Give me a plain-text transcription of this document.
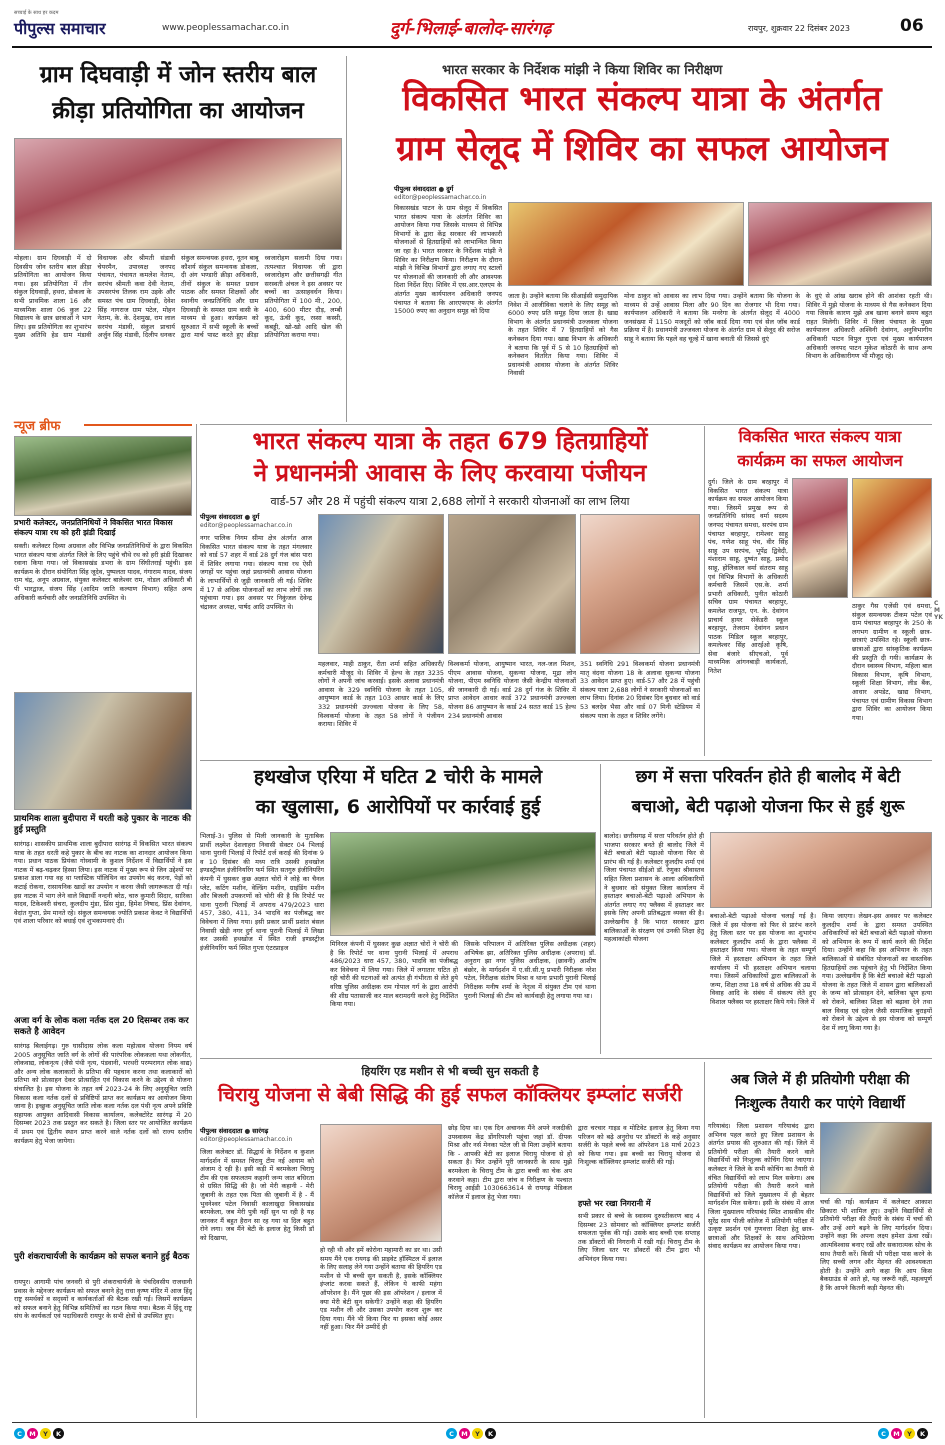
सच्चाई के साथ हर कदम
पीपुल्स समाचार	www.peoplessamachar.co.in	दुर्ग-भिलाई-बालोद-सारंगढ़	रायपुर, शुक्रवार 22 दिसंबर 2023	06
ग्राम दिघवाड़ी में जोन स्तरीय बाल
क्रीड़ा प्रतियोगिता का आयोजन
मोहला। ग्राम दिघवाड़ी में दो दिवसीय जोन स्तरीय बाल क्रीड़ा प्रतियोगिता का आयोजन किया गया। इस प्रतियोगिता में तीन संकुल दिघवाड़ी, हथरा, डोकला के सभी प्राथमिक शाला 16 और माध्यमिक शाला 06 कुल 22 विद्यालय के छात्र छात्राओं ने भाग लिए। इस प्रतियोगिता का शुभारंभ मुख्य अतिथि हेड ग्राम मंडावी विधायक और श्रीमती संडावी चेयरमैन, उपाध्यक्ष जनपद पंचायत, पंचायत कमलेश नेताम, सरपंच श्रीमती कवा देवी नेताम, उपसरपंच तिलक राम उइके और समस्त पंच ग्राम दिघवाड़ी, देवेश सिंह नागराज ग्राम पटेल, मोहन नेताम, के. के. देशमुख, राम लाल सरपंच मंडावी, संकुल प्राचार्य अर्जुन सिंह मंडावी, दिलीप धनकर संकुल समन्वयक हथरा, नूतन बाबू कौशर्य संकुल समन्वयक डोकला, दी अंग भण्डारी क्रीड़ा अधिकारी, तीनों संकुल के समस्त प्रधान पाठक और समस्त शिक्षकों और स्थानीय जनप्रतिनिधि और ग्राम दिघवाड़ी के समस्त ग्राम वासी के माध्यम से हुआ। कार्यक्रम को सुरुआत में सभी स्कूली के बच्चों द्वारा मार्च पास्ट करते हुए क्रीड़ा ध्वजारोहण सलामी दिया गया। तत्पश्चात विधायक जी द्वारा ध्वजारोहण और छत्तीसगढ़ी गीत सरस्वती अंचल ने इस अवसर पर बच्चों का उत्साहवर्धन किया। प्रतियोगिता में 100 मी., 200, 400, 600 मीटर दौड़, लम्बी कूद, ऊंची कूद, रस्सा कस्सी, कबड्डी, खो-खो आदि खेल की प्रतियोगिता कराया गया।
भारत सरकार के निर्देशक मांझी ने किया शिविर का निरीक्षण
विकसित भारत संकल्प यात्रा के अंतर्गत
ग्राम सेलूद में शिविर का सफल आयोजन
पीपुल्स संवाददाता ● दुर्ग
editor@peoplessamachar.co.in
विकासखंड पाटन के ग्राम सेलूद में विकसित भारत संकल्प यात्रा के अंतर्गत शिविर का आयोजन किया गया जिसके माध्यम से विभिन्न विभागों के द्वारा केंद्र सरकार की लाभकारी योजनाओं से हितग्राहियों को लाभान्वित किया जा रहा है। भारत सरकार के निर्देशक मांझी ने शिविर का निरीक्षण किया। निरीक्षण के दौरान मांझी ने विभिन्न विभागों द्वारा लगाए गए स्टालों पर योजनाओं की जानकारी ली और आवश्यक दिशा निर्देश दिए। शिविर में एस.आर.एलएम के अंतर्गत मुख्य कार्यपालन अधिकारी जनपद पंचायत ने बताया कि आरएफएफ के अंतर्गत 15000 रुपए का अनुदान समूह को दिया
जाता है। उन्होंने बताया कि सीआईसी समुदायिक निवेश में आजीविका चलाने के लिए समूह को 6000 रुपए प्रति समूह दिया जाता है। खाद्य विभाग के अंतर्गत प्रधानमंत्री उज्जवला योजना के तहत शिविर में 7 हितग्राहियों को गैस कनेक्शन दिया गया। खाद्य विभाग के अधिकारी ने बताया कि पूर्व में 5 से 10 हितग्राहियों को कनेक्शन वितरित किया गया। शिविर में प्रधानमंत्री आवास योजना के अंतर्गत शिविर निवासी
मोना ठाकुर को आवास का लाभ दिया गया। उन्होंने बताया कि योजना के माध्यम से उन्हें आवास मिला और 90 दिन का रोजगार भी दिया गया। कार्यपालन अधिकारी ने बताया कि मनरेगा के अंतर्गत सेलूद में 4000 जनसंख्या में 1150 मजदूरों को जॉब कार्ड दिया गया एवं सेल जॉब कार्ड प्रक्रिया में है। प्रधानमंत्री उज्जवला योजना के अंतर्गत ग्राम से सेलूद की सरोज साहू ने बताया कि पहले वह चूल्हे में खाना बनाती थी जिससे धुएं
के धुएं से आंख खराब होने की आशंका रहती थी। शिविर में मुझे योजना के माध्यम से गैस कनेक्शन दिया गया जिसके कारण मुझे अब खाना बनाने समय बहुत राहत मिलेगी। शिविर में जिला पंचायत के मुख्य कार्यपालन अधिकारी अश्विनी देवांगन, अनुविभागीय अधिकारी पाटन विपुल गुप्ता एवं मुख्य कार्यपालन अधिकारी जनपद पाटन मुकेश कोठारी के साथ अन्य विभाग के अधिकारीगण भी मौजूद रहे।
न्यूज ब्रीफ
प्रभारी कलेक्टर, जनप्रतिनिधियों ने विकसित भारत विकास संकल्प यात्रा रथ को हरी झंडी दिखाई
सक्ती। कलेक्टर दिव्या अग्रवाल और विभिन्न जनप्रतिनिधियों के द्वारा विकसित भारत संकल्प यात्रा अंतर्गत जिले के लिए पहुंचे चौथे रथ को हरी झंडी दिखाकर रवाना किया गया। जो विकासखंड डभरा के ग्राम सिंघीतराई पहुंची। इस कार्यक्रम के दौरान संयोगिता सिंह जूदेव, पुष्पलता यादव, गंगाराम यादव, संजय राम चंद्र, अनूप अग्रवाल, संयुक्त कलेक्टर बालेश्वर राम, नोडल अधिकारी बी पी भारद्वाज, संजय सिंह (आदिम जाति कल्याण विभाग) सहित अन्य अधिकारी कर्मचारी और जनप्रतिनिधि उपस्थित थे।
प्राथमिक शाला बुदीपारा में धरती कहे पुकार के नाटक की हुई प्रस्तुति
सारंगढ़। शासकीय प्राथमिक शाला बुदीपारा सारंगढ़ में विकसित भारत संकल्प यात्रा के तहत धरती कहे पुकार के बीच का नाटक का शानदार आयोजन किया गया। प्रधान पाठक प्रियंका गोस्वामी के कुशल निर्देशन में विद्यार्थियों ने इस नाटक में बढ़-चढ़कर हिस्सा लिया। इस नाटक में मुख्य रूप से जिन उद्देश्यों पर प्रकाश डाला गया वह था प्लास्टिक पॉलिथिन का उपयोग बंद करना, पेड़ों को कटाई रोकना, रासायनिक खादों का उपयोग न करना जैसी जागरूकता दी गई। इस नाटक में भाग लेने वाले विद्यार्थी नन्दनी बरेठ, चारु कुमारी सिदार, सारिका यादव, टिकेश्वरी संचरा, कुलदीप मुंडा, प्रिंस मुंडा, हिमेश निषाद, प्रिंस देवांगन, वेदांत गुप्ता, प्रेम मानते रहे। संकुल समन्वयक ज्योति प्रकाश केवट ने विद्यार्थियों एवं शाला परिवार को बधाई एवं शुभकामनाएं दी।
अजा वर्ग के लोक कला नर्तक दल 20 दिसम्बर तक कर सकते है आवेदन
सारंगढ़ बिलाईगढ़। गुरु घासीदास लोक कला महोत्सव योजना नियम वर्ष 2005 अनुसूचित जाति वर्ग के लोगों की पारंपरिक लोककला यथा लोकगीत, लोकवाद्य, लोकनृत्य (जैसे पंथी नृत्य, पंडवानी, भरथरी परम्परागत लोक वाद्य) और अन्य लोक कलाकारों के प्रतिभा की पहचान करना तथा कलाकारों को प्रतिभा को प्रोत्साहन देकर प्रोत्साहित एवं विकास करने के उद्देश्य से योजना संचालित है। इस योजना के तहत वर्ष 2023-24 के लिए अनुसूचित जाति विकास कला नर्तक दलों से प्रविष्टियों प्राप्त कर कार्यक्रम का आयोजन किया जाना है। इच्छुक अनुसूचित जाति लोक कला नर्तक दल पंथी नृत्य अपने प्रविष्टि सहायक आयुक्त आदिवासी विकास कार्यालय, कलेक्टोरेट सारंगढ़ में 20 दिसम्बर 2023 तक प्रस्तुत कर सकते है। जिला स्तर पर आयोजित कार्यक्रम में प्रथम एवं द्वितीय स्थान प्राप्त करने वाले नर्तक दलों को राज्य स्तरीय कार्यक्रम हेतु भेजा जायेगा।
पुरी शंकराचार्यजी के कार्यक्रम को सफल बनाने हुई बैठक
रायपुर। आगामी पांच जनवरी से पुरी शंकराचार्यजी के पंचदिवसीय राजधानी प्रवास के मद्देनजर कार्यक्रम को सफल बनाने हेतु राधा कृष्ण मंदिर में आज हिंदू राष्ट्र समर्थकों व सद्स्यों व कार्यकर्ताओं की बैठक रखी गई। जिसमें कार्यक्रम को सफल बनाने हेतु विभिन्न समितियों का गठन किया गया। बैठक में हिंदू राष्ट्र संघ के कार्यकर्ता एवं पदाधिकारी रायपुर के सभी क्षेत्रों से उपस्थित हुए।
भारत संकल्प यात्रा के तहत 679 हितग्राहियों
ने प्रधानमंत्री आवास के लिए करवाया पंजीयन
वार्ड-57 और 28 में पहुंची संकल्प यात्रा 2,688 लोगों ने सरकारी योजनाओं का लाभ लिया
पीपुल्स संवाददाता ● दुर्ग
editor@peoplessamachar.co.in
नगर पालिक निगम सीमा क्षेत्र अंतर्गत आज विकसित भारत संकल्प यात्रा के तहत मंगलवार को वार्ड 57 शहर में वार्ड 28 दुर्ग गंज बांस पारा में शिविर लगाया गया। संकल्प यात्रा रथ ऐसी जगहों पर पहुंचा जहां प्रधानमंत्री आवास योजना के लाभार्थियों से जुड़ी जानकारी ली गई। शिविर में 17 से अधिक योजनाओं का लाभ लोगों तक पहुंचाया गया। इस अवसर पर निकुंजल देवेन्द्र चंद्राकर अध्यक्ष, पार्षद आदि उपस्थित थे।
महलवार, माही ठाकुर, रीता शर्मा सहित अधिकारी/कर्मचारी मौजूद थे। शिविर में हेल्थ के तहत 3235 लोगों ने अपनी जांच करवाई। इसके अलावा प्रधानमंत्री आवास के 329 स्वनिधि योजना के तहत 105, आयुष्मान कार्ड के तहत 103 आधार कार्ड के लिए 332 प्रधानमंत्री उज्ज्वला योजना के लिए 58, विश्वकर्मा योजना के तहत 58 लोगों ने पंजीयन कराया। शिविर में
विश्वकर्मा योजना, आयुष्मान भारत, नल-जल मिशन, पीएम आवास योजना, सुकन्या योजना, मुद्रा लोन योजना, पीएम स्वनिधि योजना जैसी केन्द्रीय योजनाओं की जानकारी दी गई। वार्ड 28 दुर्ग गंज के शिविर में प्राप्त आवेदन आधार कार्ड 372 प्रधानमंत्री उज्ज्वला योजना 86 आयुष्मान के कार्ड 24 सतत कार्ड 15 हेल्थ 234 प्रधानमंत्री आवास
351 स्वनिधि 291 विश्वकर्मा योजना प्रधानमंत्री मातृ वंदना योजना 18 के अलावा सुकन्या योजना 33 आवेदन प्राप्त हुए। वार्ड-57 और 28 में पहुंची संकल्प यात्रा 2,688 लोगों ने सरकारी योजनाओं का लाभ लिया। दिनांक 20 दिसंबर दिन बुधवार को वार्ड 53 बलदेव भैसा और वार्ड 07 मिनी स्टेडियम में संकल्प यात्रा के तहत व शिविर लगेंगे।
विकसित भारत संकल्प यात्रा
कार्यक्रम का सफल आयोजन
दुर्ग। जिले के ग्राम बरहापुर में विकसित भारत संकल्प यात्रा कार्यक्रम का सफल आयोजन किया गया। जिसमें प्रमुख रूप से जनप्रतिनिधि सांसद वर्मा सदस्य जनपद पंचायत समधा, सरपंच ग्राम पंचायत बरहापुर, रामेश्वर साहू पंच, गणेश साहू पंच, वीर सिंह साहू उप सरपंच, भूपेंद्र द्विवेदी, मंशाराम साहू, दुष्यंत साहू, प्रमोद साहू, होलिकाल वर्मा संतराम साहू एवं विभिन्न विभागों के अधिकारी कर्मचारी जिसमें एस.के. शर्मा प्रभारी अधिकारी, पुनीत कोठारी सचिव ग्राम पंचायत बरहापुर, कमलेश राजपूत, एन. के. देवांगन प्राचार्य हायर सेकेंडरी स्कूल बरहापुर, तेजराम देवांगन प्रधान पाठक मिडिल स्कूल बरहापुर, कमलेश्वर सिंह आरईओ कृषि, सेवा बंजारे सीएचओ, पूर्व माध्यमिक आंगनबाड़ी कार्यकर्ता, नितेश
ठाकुर गैस एजेंसी एवं धमधा, संकुल समन्वयक टीकम पटेल एवं ग्राम पंचायत बरहापुर के 250 के लगभग ग्रामीण व स्कूली छात्र-छात्राएं उपस्थित रहे। स्कूली छात्र-छात्राओं द्वारा सांस्कृतिक कार्यक्रम की प्रस्तुति दी गयी। कार्यक्रम के दौरान स्वास्थ्य विभाग, महिला बाल विकास विभाग, कृषि विभाग, स्कूली शिक्षा विभाग, लीड बैंक, आधार अपडेट, खाद्य विभाग, पंचायत एवं ग्रामीण विकास विभाग द्वारा शिविर का आयोजन किया गया।
हथखोज एरिया में घटित 2 चोरी के मामले
का खुलासा, 6 आरोपियों पर कार्रवाई हुई
भिलाई-3। पुलिस से मिली जानकारी के मुताबिक प्रार्थी लक्ष्मेश देशलाहरा निवासी सेक्टर 04 भिलाई थाना पुरानी भिलाई में रिपोर्ट दर्ज कराई की दिनांक 9 व 10 दिसंबर की मध्य रात्रि उसकी हथखोज इण्डस्ट्रीयल इंजीनियरिंग फर्म स्थित सतगुरु इंजीनियरिंग कंपनी में घुसकर कुछ अज्ञात चोरों ने लोहे का चैनल प्लेट, कटिंग मशीन, वेल्डिंग मशीन, ग्राइंडिंग मशीन और बिजली उपकरणों को चोरी की है कि रिपोर्ट पर थाना पुरानी भिलाई में अपराध 479/2023 धारा 457, 380, 411, 34 भादवि का पंजीबद्ध कर विवेचना में लिया गया। इसी प्रकार प्रार्थी प्रशांत बंसल निवासी खेड़ी नगर दुर्ग थाना पुरानी भिलाई में लिखा कर उसकी हथखोज में स्थित राजी इण्डस्ट्रीज इंजीनियरिंग फर्म स्थित गुप्ता एंटरप्राइज	मिनिरल कंपनी में घुसकर कुछ अज्ञात चोरों ने चोरी की है कि रिपोर्ट पर थाना पुरानी भिलाई में अपराध 486/2023 धारा 457, 380, भादवि का पंजीबद्ध कर विवेचना में लिया गया। जिले में लगातार घटित हो रही चोरी की घटनाओं को अत्यंत ही गंभीरता से लेते हुये वरिष्ठ पुलिस अधीक्षक राम गोपाल गर्ग के द्वारा आरोपी की शीघ्र पतासाजी कर माल बरामदगी करने हेतु निर्देशित किया गया।
जिसके परिपालन में अतिरिक्त पुलिस अधीक्षक (शहर) अभिषेक झा, अतिरिक्त पुलिस अधीक्षक (अपराध) डॉ. अनुराग झा नगर पुलिस अधीक्षक, (छावनी) आशीष बंछोर, के मार्गदर्शन में ए.सी.सी.यू प्रभारी निरीक्षक नरेश पटेल, निरीक्षक संतोष मिश्रा व थाना प्रभारी पुरानी भिलाई निरीक्षक मनीष शर्मा के नेतृत्व में संयुक्त टीम एवं थाना पुरानी भिलाई की टीम को कार्यवाही हेतु लगाया गया था।
छग में सत्ता परिवर्तन होते ही बालोद में बेटी
बचाओ, बेटी पढ़ाओ योजना फिर से हुई शुरू
बालोद। छत्तीसगढ़ में सत्ता परिवर्तन होते ही भाजपा सरकार बनते ही बालोद जिले में बेटी बचाओ बेटी पढ़ाओ योजना फिर से प्रारंभ की गई है। कलेक्टर कुलदीप शर्मा एवं जिला पंचायत सीईओ डॉ. रेणुका श्रीवास्तव सहित जिला प्रशासन के आला अधिकारियों ने बुधवार को संयुक्त जिला कार्यालय में हस्ताक्षर बचाओ-बेटी पढ़ाओ अभियान के अंतर्गत लगाए गए फ्लैक्स में हस्ताक्षर कर इसके लिए अपनी प्रतिबद्धता व्यक्त की है। उल्लेखनीय है कि भारत सरकार द्वारा बालिकाओं के संरक्षण एवं उनकी शिक्षा हेतु महत्वाकांक्षी योजना
बचाओ-बेटी पढ़ाओ योजना चलाई गई है। जिले में इस योजना को फिर से प्रारंभ करने हेतु जिला स्तर पर इस योजना का शुभारंभ कलेक्टर कुलदीप शर्मा के द्वारा फ्लैक्स में हस्ताक्षर किया गया। योजना के तहत सम्पूर्ण जिले में हस्ताक्षर अभियान के तहत जिले कार्यालय में भी हस्ताक्षर अभियान चलाया गया। जिसमें अधिकारियों द्वारा बालिकाओं के जन्म, शिक्षा तथा 18 वर्ष से अधिक की उम्र में विवाह आदि के संबंध में संकल्प लेते हुए विशाल फ्लैक्स पर हस्ताक्षर किये गये। जिले में
किया जाएगा। लेखन-इस अवसर पर कलेक्टर कुलदीप शर्मा के द्वारा समस्त उपस्थित अधिकारियों को बेटी बचाओ बेटी पढ़ाओ योजना को अभियान के रूप में कार्य करने की निर्देश दिया। उन्होंने कहा कि इस अभियान के तहत बालिकाओं से संबंधित योजनाओं का वास्तविक हितग्राहियों तक पहुंचाने हेतु भी निर्देशित किया गया। उल्लेखनीय है कि बेटी बचाओ बेटी पढ़ाओ योजना के तहत जिले में शासन द्वारा बालिकाओं के जन्म को प्रोत्साहन देने, बालिका भ्रूण हत्या को रोकने, बालिका शिक्षा को बढ़ावा देने तथा बाल विवाह एवं दहेज जैसी सामाजिक बुराइयों को रोकने के उद्देश्य से इस योजना को सम्पूर्ण देश में लागू किया गया है।
हियरिंग एड मशीन से भी बच्ची सुन सकती है
चिरायु योजना से बेबी सिद्धि की हुई सफल कॉक्लियर इम्प्लांट सर्जरी
पीपुल्स संवाददाता ● सारंगढ़
editor@peoplessamachar.co.in
जिला कलेक्टर डॉ. सिद्धार्थ के निर्देशन व कुशल मार्गदर्शन में समस्त चिरायु टीम नई आयाम को अंजाम दे रही है। इसी कड़ी में बरमकेला चिरायु टीम की एक सफलतम कहानी जन्म जात बधिरता से ग्रसित सिद्धि की है। जो मेरी कहानी - मेरी जुबानी के तहत एक पिता की जुबानी में है - मैं भुवनेश्वर पटेल निवासी कालाखुदा विकासखंड बरमकेला, जब मेरी पुत्री नहीं सुन पा रही है यह जानकर मैं बहुत हैरान सा रह गया था दिल बहुत रोने लगा। जब मैंने बेटी के इलाज हेतु किसी डॉ को दिखाया,
हो रही थी और हमें कोरोना महामारी का डर था। उसी समय मैंने एक रायगढ़ की प्राइवेट हॉस्पिटल में इलाज के लिए सलाह लेने गया उन्होंने बताया की हियरिंग एड मशीन से भी बच्ची सुन सकती है, इसके कॉक्लियर इंप्लांट करवा सकते हैं, लेकिन ये काफी महंगा ऑपरेशन है। मैंने पूछा की इस ऑपरेशन / इलाज में क्या मेरी बेटी सुन सकेगी? उन्होंने कहा की हियरिंग एड मशीन ली और उसका उपयोग करना शुरू कर दिया गया। मैंने भी किया फिर या इसका कोई असर नहीं हुआ। फिर मैंने उम्मीदें ही
छोड़ दिया था। एक दिन अचानक मैंने अपने नजदीकी उपस्वास्थ्य केंद्र डोंगरिपाली पहुंचा जहां डॉ. दीपक मिश्रा और नर्स मेनका पटेल जी से मिला उन्होंने बताया कि - आपकी बेटी का इलाज चिरायु योजना से हो सकता है। फिर उन्होंने पूरी जानकारी के साथ मुझे बरमकेला के चिरायु टीम के द्वारा बच्ची का चेक अप करवाने कहा। टीम द्वारा जांच व निरीक्षण के पश्चात चिरायु आईडी 1030663614 से रायगढ़ मेडिकल कॉलेज में इलाज हेतु भेजा गया।
द्वारा चरचार गाइड व मोटिवेट इलाज हेतु किया गया परिजन को बढ़े अनुरोध पर डॉक्टरों के कहे अनुसार सर्जरी के पहले बच्चे का ऑपरेशन 18 मार्च 2023 को किया गया। इस बच्ची का चिरायु योजना से निःशुल्क कॉक्लियर इम्प्लांट सर्जरी की गई।
हफ्ते भर रखा निगरानी में
सभी प्रकार से बच्चे के स्वास्थ्य दुरुस्तीकरण बाद 4 दिसम्बर 23 सोमवार को कॉक्लियर इम्प्लांट सर्जरी सफलता पूर्वक की गई। उसके बाद बच्ची एक सप्ताह तक डॉक्टरों की निगरानी में रखी गई। चिरायु टीम के लिए जिला स्तर पर डॉक्टरों की टीम द्वारा भी अभिनंदन किया गया।
अब जिले में ही प्रतियोगी परीक्षा की
निःशुल्क तैयारी कर पाएंगे विद्यार्थी
गरियाबंद। जिला प्रशासन गरियाबंद द्वारा अभिनव पहल करते हुए जिला प्रशासन के अंतर्गत प्रयास की शुरुआत की गई। जिले में प्रतियोगी परीक्षा की तैयारी करने वाले विद्यार्थियों को निःशुल्क कोचिंग दिया जाएगा। कलेक्टर ने जिले के सभी कोचिंग का तैयारी से वंचित विद्यार्थियों को लाभ मिल सकेगा। अब प्रतियोगी परीक्षा की तैयारी करने वाले विद्यार्थियों को जिले मुख्यालय में ही बेहतर मार्गदर्शन मिल सकेगा। इसी के संबंध में आज जिला मुख्यालय गरियाबंद स्थित शासकीय वीर सुरेंद्र साय पीजी कॉलेज में प्रतियोगी परीक्षा में उत्कृष्ट प्रदर्शन एवं गुणवत्ता शिक्षा हेतु छात्र-छात्राओं और शिक्षकों के साथ अभिप्रेरणा संवाद कार्यक्रम का आयोजन किया गया।
चर्चा की गई। कार्यक्रम में कलेक्टर आकाश छिकारा भी शामिल हुए। उन्होंने विद्यार्थियों से प्रतियोगी परीक्षा की तैयारी के संबंध में चर्चा की और उन्हें आगे बढ़ने के लिए मार्गदर्शन दिया। उन्होंने कहा कि अपना लक्ष्य हमेशा ऊंचा रखें। आत्मविश्वास बनाए रखें और सकारात्मक सोच के साथ तैयारी करें। किसी भी परीक्षा पास करने के लिए सच्ची लगन और मेहनत की आवश्यकता होती है। उन्होंने आगे कहा कि आप किस बैकग्राउंड से आते हो, यह जरूरी नहीं, महत्वपूर्ण है कि आपने कितनी कड़ी मेहनत की।
CMYK
C	M	Y	K	C	M	Y	K	C	M	Y	K
